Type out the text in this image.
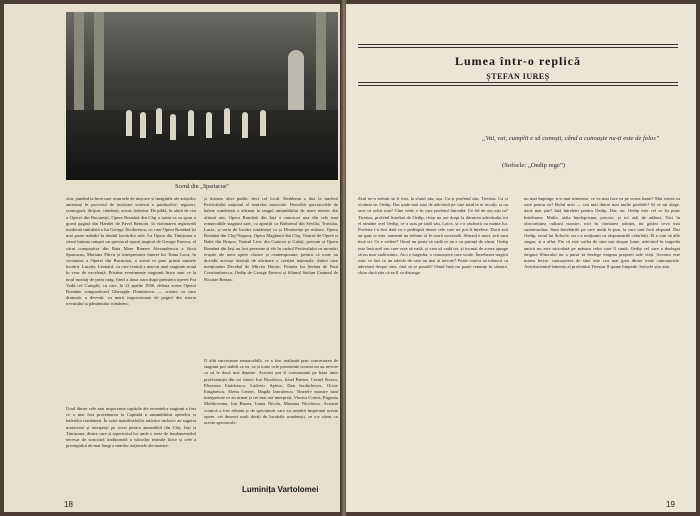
Scenă din „Spartacus”
citit, punând la încercare resursele de mișcare și imaginile ale artiștilor antrenați în procesul de realizare scenică a partiturilor: regizori, scenografi, dirijori, cântăreți, actori, balerini. De pildă, în afară de cea a Operei din București, Opera Română din Cluj a tratat ca sa spun o gravă pagină din Hamlet de Pavel Bentoiu, la vizionarea regizorală modernă intitulată a lui George Teodorescu, cu care Opera Română își mai poate mândri în rândul lucrărilor sale. La Opera din Timișoara a văzut lumina rampei un spectacol-operă inspirat de George Enescu, al cărui compozitor din Baia Mare Romeo Alexandrescu a făcut Spartacus, Mariana Pârvu și interpretarea tinerei lui Toma Loca, în versiunea a Operei din București, o scenă ce pare prinsă numele lucrării. Lucrări, Leonard, cu care teatrul a marcat anul stagiunii nouă în veac de excelență. Pristine evenimente stagiunii lirice sunt ce la noul montaj de prim rang, fiind a doua oara după premiera operei Fra Vodă cel Cumplit, cu care, la 12 aprilie 1956, debuta scena Operei Române compozitorul Gheorghe Dumitrescu — creator cu care dramatic a devenit, cu merit impresionant de pagini din istoria trecutului și pământului românesc.
Unul dintre cele mai importante capitole ale recentelor stagiuni a fost ce a mai fost prezentarea la Capitală a ansamblului operelor și baletelor românești. În seria manifestărilor artistice inclusiv au sugerat muzicieni și interpreți pe acest pentru ansamblul din Cluj, Iași și Timișoara, dintre care și repertoriul lor unde o serie de fundamentalul necesar de structură tradițională a valorilor teatrale lirice și cele a prestigiului de mai lungi a mărilor naționale ale noastre.
și însinea altei public deci cel local. Emblema a dus la nucleul Festivalului național al teatrelor muzicale. Deosebit spectacolele de balete românești a afirmat la rangul ansamblului de mare interes din ultimii ani, Opera Română din Iași a cunoscut una din cele mai remarcabile stagiuni sale, cu apariții ca Bărbierul din Sevilla, Traviata, Lucia, și seria de lucrări românești ca și Dimineața pe mătase. Opera Română din Cluj-Napoca, Opera Maghiară din Cluj, Teatrul de Operă și Balet din Brașov, Teatrul Liric din Craiova și Galați, precum și Opera Română din Iași au fost prezente și ele în cadrul Festivalului cu montări reușite ale unor opere clasice și contemporane, pentru că toate au dovedit aceeași dorință de afirmare a creației naționale, dintre care menționăm Decebal de Mircea Hoinic, Femeia lui Șerban de Paul Constantinescu, Oedip de George Enescu și Sfântul Stelian Ceaunul de Nicolae Bretan.
O altă succesiune remarcabilă, ce a fost realizată prin concertarea de stagiuni pot stabili ca ea, ca și toate cele prezentate tocmai nu au nevoie ca să le ducă mai departe. Acestea pot fi consemnate pe baza unor profesioniști din cei tineri: Ion Nicolescu, Ionel Pantea, Cornel Stavru, Eleonora Enăchescu, Ludovic Spiess, Dan Iordăchescu, Octav Enigărescu, Elena Cernei, Magda Ianculescu. Tinerele noastre sunt interpretate ce au urmat și cei mai noi interpreți: Viorica Cortez, Eugenia Moldoveanu, Ion Buzea, Ioana Nicola, Mariana Nicolesco. Această cronică a fost reluată și de spectatorii care au urmărit împreună aceste opere, cei deseori mult doriți de lucrările românești, ce s-a văzut cu aceste spectacole.
Luminița Vartolomei
18
Lumea într-o replică
ȘTEFAN IUREȘ
„Vai, vai, cumplit e să cunoști, când a cunoaște nu-ți este de folos”
(Sofocle: „Oedip rege”)
Zeul ne-a trebuit să fi fost, la sfatul său, așa. Ca și profetul său, Tiresias. Ca și victima se, Oedip. Dar unde mai auzi de adevărul pe care totul te te asculți, și nu vezi că ochii stau? Cine vede, e în care profetul întreabă: Ce fel de om ești tu? Tiresias, profetul întrebat de Oedip, chiar nu are drept la dăruirea adevărului tot el rămâne acel Oedip, ce a ucis pe tatăl său, Laios, și s-a căsătorit cu mama lui. Profetia i-a fost dată ca o pedeapsă dintre cele care nu pot fi înțelese. Dacă zeii au spus ce este, oamenii nu trebuie să le ceară socoteală. Sfinxul e mort, zeii sunt încă vii. Ce e vedere? Omul nu poate să vadă ce nu e cu putință de văzut. Oedip este însă acel om care vrea să vadă, și vrea să vadă tot, și tocmai de aceea ajunge să nu mai vadă nimic. Aici e tragedia: o cunoaștere care ucide. Întrebarea tragică este: ce faci cu un adevăr de care nu mai ai nevoie? Poate cineva să trăiască cu adevărul despre sine, fără să se piardă? Omul însă nu poate renunța la căutare, chiar dacă știe că ea îl va distruge.
nu mai împinge, n-o mai trimisese, ce va mai face ea pe scena lumii? Mai există ea oare pentru ea? Rolul unei — cea mai dintre mai multe posibile? Și ce mi alege, dacă mai știe? Iată întrebări pentru Oedip. Dar, nu: Oedip este cel ce își pune întrebarea. Multe, atâta înțelepciune, precise, și tot atât de adânci. Nici în obscuritatea culturii noastre, nici în claritatea științei, nu găsim ceva mai cutremurător. Sunt întrebările pe care mulți le pun, la care unii încă răspund. Dar Oedip, eroul lui Sofocle, nu s-a mulțumit cu răspunsurile celorlalți. El a vrut să afle singur, și a aflat. Fie că este vorba de sine sau despre lume, adevărul în tragedia antică nu este niciodată pe măsura celui care îl caută. Oedip cel care a dezlegat enigma Sfinxului nu a putut să dezlege enigma propriei sale vieți. Aceasta este marea lecție: cunoașterea de sine este cea mai grea dintre toate cunoașterile. Avertismentul-lamento al profetului Tiresias îl spune limpede. Sofocle știa asta.
19
